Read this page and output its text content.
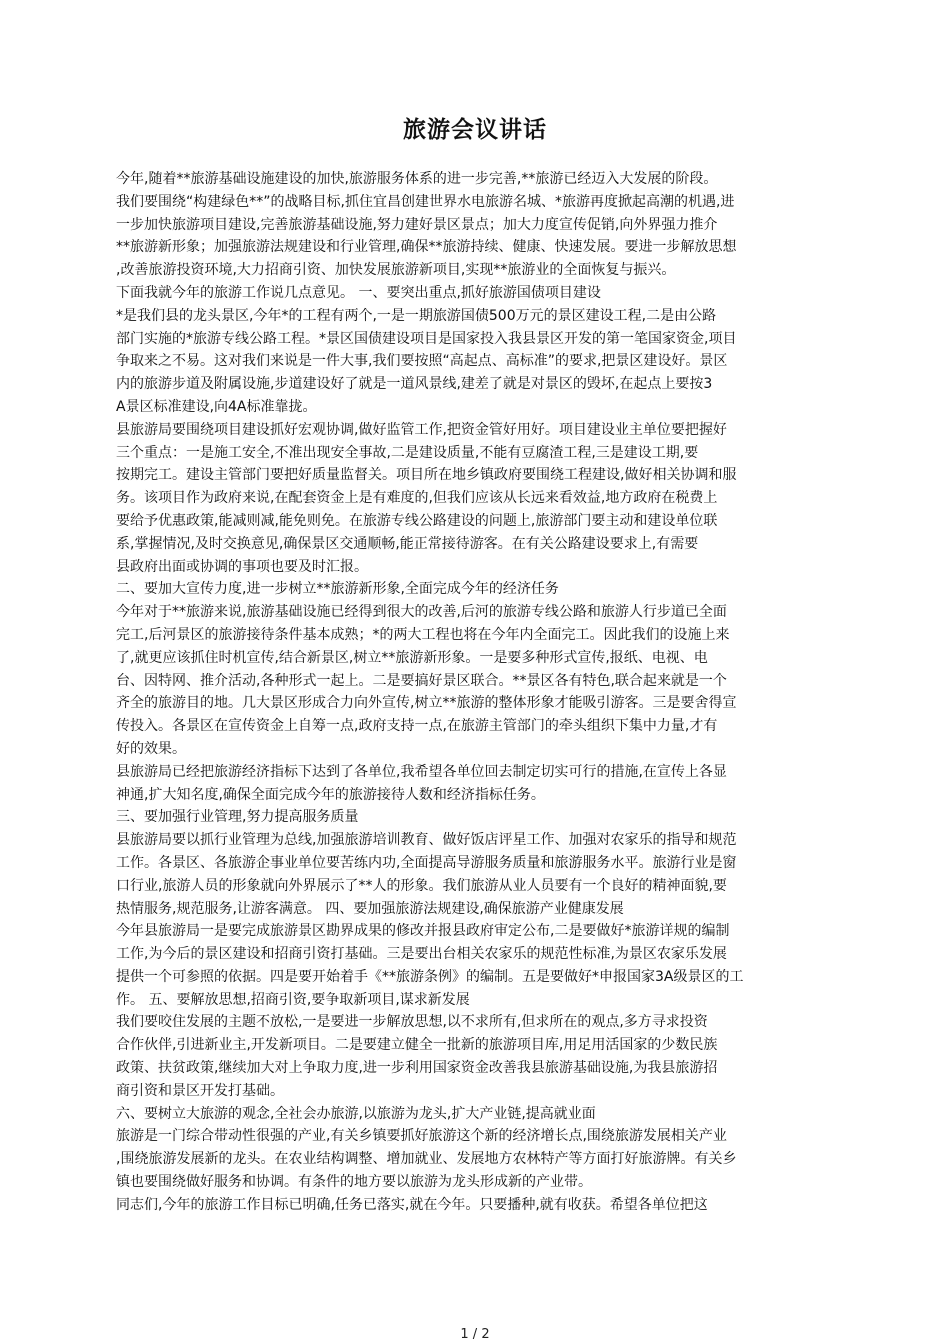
旅游会议讲话
今年,随着**旅游基础设施建设的加快,旅游服务体系的进一步完善,**旅游已经迈入大发展的阶段。
我们要围绕“构建绿色**”的战略目标,抓住宜昌创建世界水电旅游名城、*旅游再度掀起高潮的机遇,进
一步加快旅游项目建设,完善旅游基础设施,努力建好景区景点；加大力度宣传促销,向外界强力推介
**旅游新形象；加强旅游法规建设和行业管理,确保**旅游持续、健康、快速发展。要进一步解放思想
,改善旅游投资环境,大力招商引资、加快发展旅游新项目,实现**旅游业的全面恢复与振兴。
下面我就今年的旅游工作说几点意见。 一、要突出重点,抓好旅游国债项目建设
*是我们县的龙头景区,今年*的工程有两个,一是一期旅游国债500万元的景区建设工程,二是由公路
部门实施的*旅游专线公路工程。*景区国债建设项目是国家投入我县景区开发的第一笔国家资金,项目
争取来之不易。这对我们来说是一件大事,我们要按照“高起点、高标准”的要求,把景区建设好。景区
内的旅游步道及附属设施,步道建设好了就是一道风景线,建差了就是对景区的毁坏,在起点上要按3
A景区标准建设,向4A标准靠拢。
县旅游局要围绕项目建设抓好宏观协调,做好监管工作,把资金管好用好。项目建设业主单位要把握好
三个重点：一是施工安全,不准出现安全事故,二是建设质量,不能有豆腐渣工程,三是建设工期,要
按期完工。建设主管部门要把好质量监督关。项目所在地乡镇政府要围绕工程建设,做好相关协调和服
务。该项目作为政府来说,在配套资金上是有难度的,但我们应该从长远来看效益,地方政府在税费上
要给予优惠政策,能减则减,能免则免。在旅游专线公路建设的问题上,旅游部门要主动和建设单位联
系,掌握情况,及时交换意见,确保景区交通顺畅,能正常接待游客。在有关公路建设要求上,有需要
县政府出面或协调的事项也要及时汇报。
二、要加大宣传力度,进一步树立**旅游新形象,全面完成今年的经济任务
今年对于**旅游来说,旅游基础设施已经得到很大的改善,后河的旅游专线公路和旅游人行步道已全面
完工,后河景区的旅游接待条件基本成熟；*的两大工程也将在今年内全面完工。因此我们的设施上来
了,就更应该抓住时机宣传,结合新景区,树立**旅游新形象。一是要多种形式宣传,报纸、电视、电
台、因特网、推介活动,各种形式一起上。二是要搞好景区联合。**景区各有特色,联合起来就是一个
齐全的旅游目的地。几大景区形成合力向外宣传,树立**旅游的整体形象才能吸引游客。三是要舍得宣
传投入。各景区在宣传资金上自筹一点,政府支持一点,在旅游主管部门的牵头组织下集中力量,才有
好的效果。
县旅游局已经把旅游经济指标下达到了各单位,我希望各单位回去制定切实可行的措施,在宣传上各显
神通,扩大知名度,确保全面完成今年的旅游接待人数和经济指标任务。
三、要加强行业管理,努力提高服务质量
县旅游局要以抓行业管理为总线,加强旅游培训教育、做好饭店评星工作、加强对农家乐的指导和规范
工作。各景区、各旅游企事业单位要苦练内功,全面提高导游服务质量和旅游服务水平。旅游行业是窗
口行业,旅游人员的形象就向外界展示了**人的形象。我们旅游从业人员要有一个良好的精神面貌,要
热情服务,规范服务,让游客满意。 四、要加强旅游法规建设,确保旅游产业健康发展
今年县旅游局一是要完成旅游景区勘界成果的修改并报县政府审定公布,二是要做好*旅游详规的编制
工作,为今后的景区建设和招商引资打基础。三是要出台相关农家乐的规范性标准,为景区农家乐发展
提供一个可参照的依据。四是要开始着手《**旅游条例》的编制。五是要做好*申报国家3A级景区的工
作。 五、要解放思想,招商引资,要争取新项目,谋求新发展
我们要咬住发展的主题不放松,一是要进一步解放思想,以不求所有,但求所在的观点,多方寻求投资
合作伙伴,引进新业主,开发新项目。二是要建立健全一批新的旅游项目库,用足用活国家的少数民族
政策、扶贫政策,继续加大对上争取力度,进一步利用国家资金改善我县旅游基础设施,为我县旅游招
商引资和景区开发打基础。
六、要树立大旅游的观念,全社会办旅游,以旅游为龙头,扩大产业链,提高就业面
旅游是一门综合带动性很强的产业,有关乡镇要抓好旅游这个新的经济增长点,围绕旅游发展相关产业
,围绕旅游发展新的龙头。在农业结构调整、增加就业、发展地方农林特产等方面打好旅游牌。有关乡
镇也要围绕做好服务和协调。有条件的地方要以旅游为龙头形成新的产业带。
同志们,今年的旅游工作目标已明确,任务已落实,就在今年。只要播种,就有收获。希望各单位把这
1 / 2
